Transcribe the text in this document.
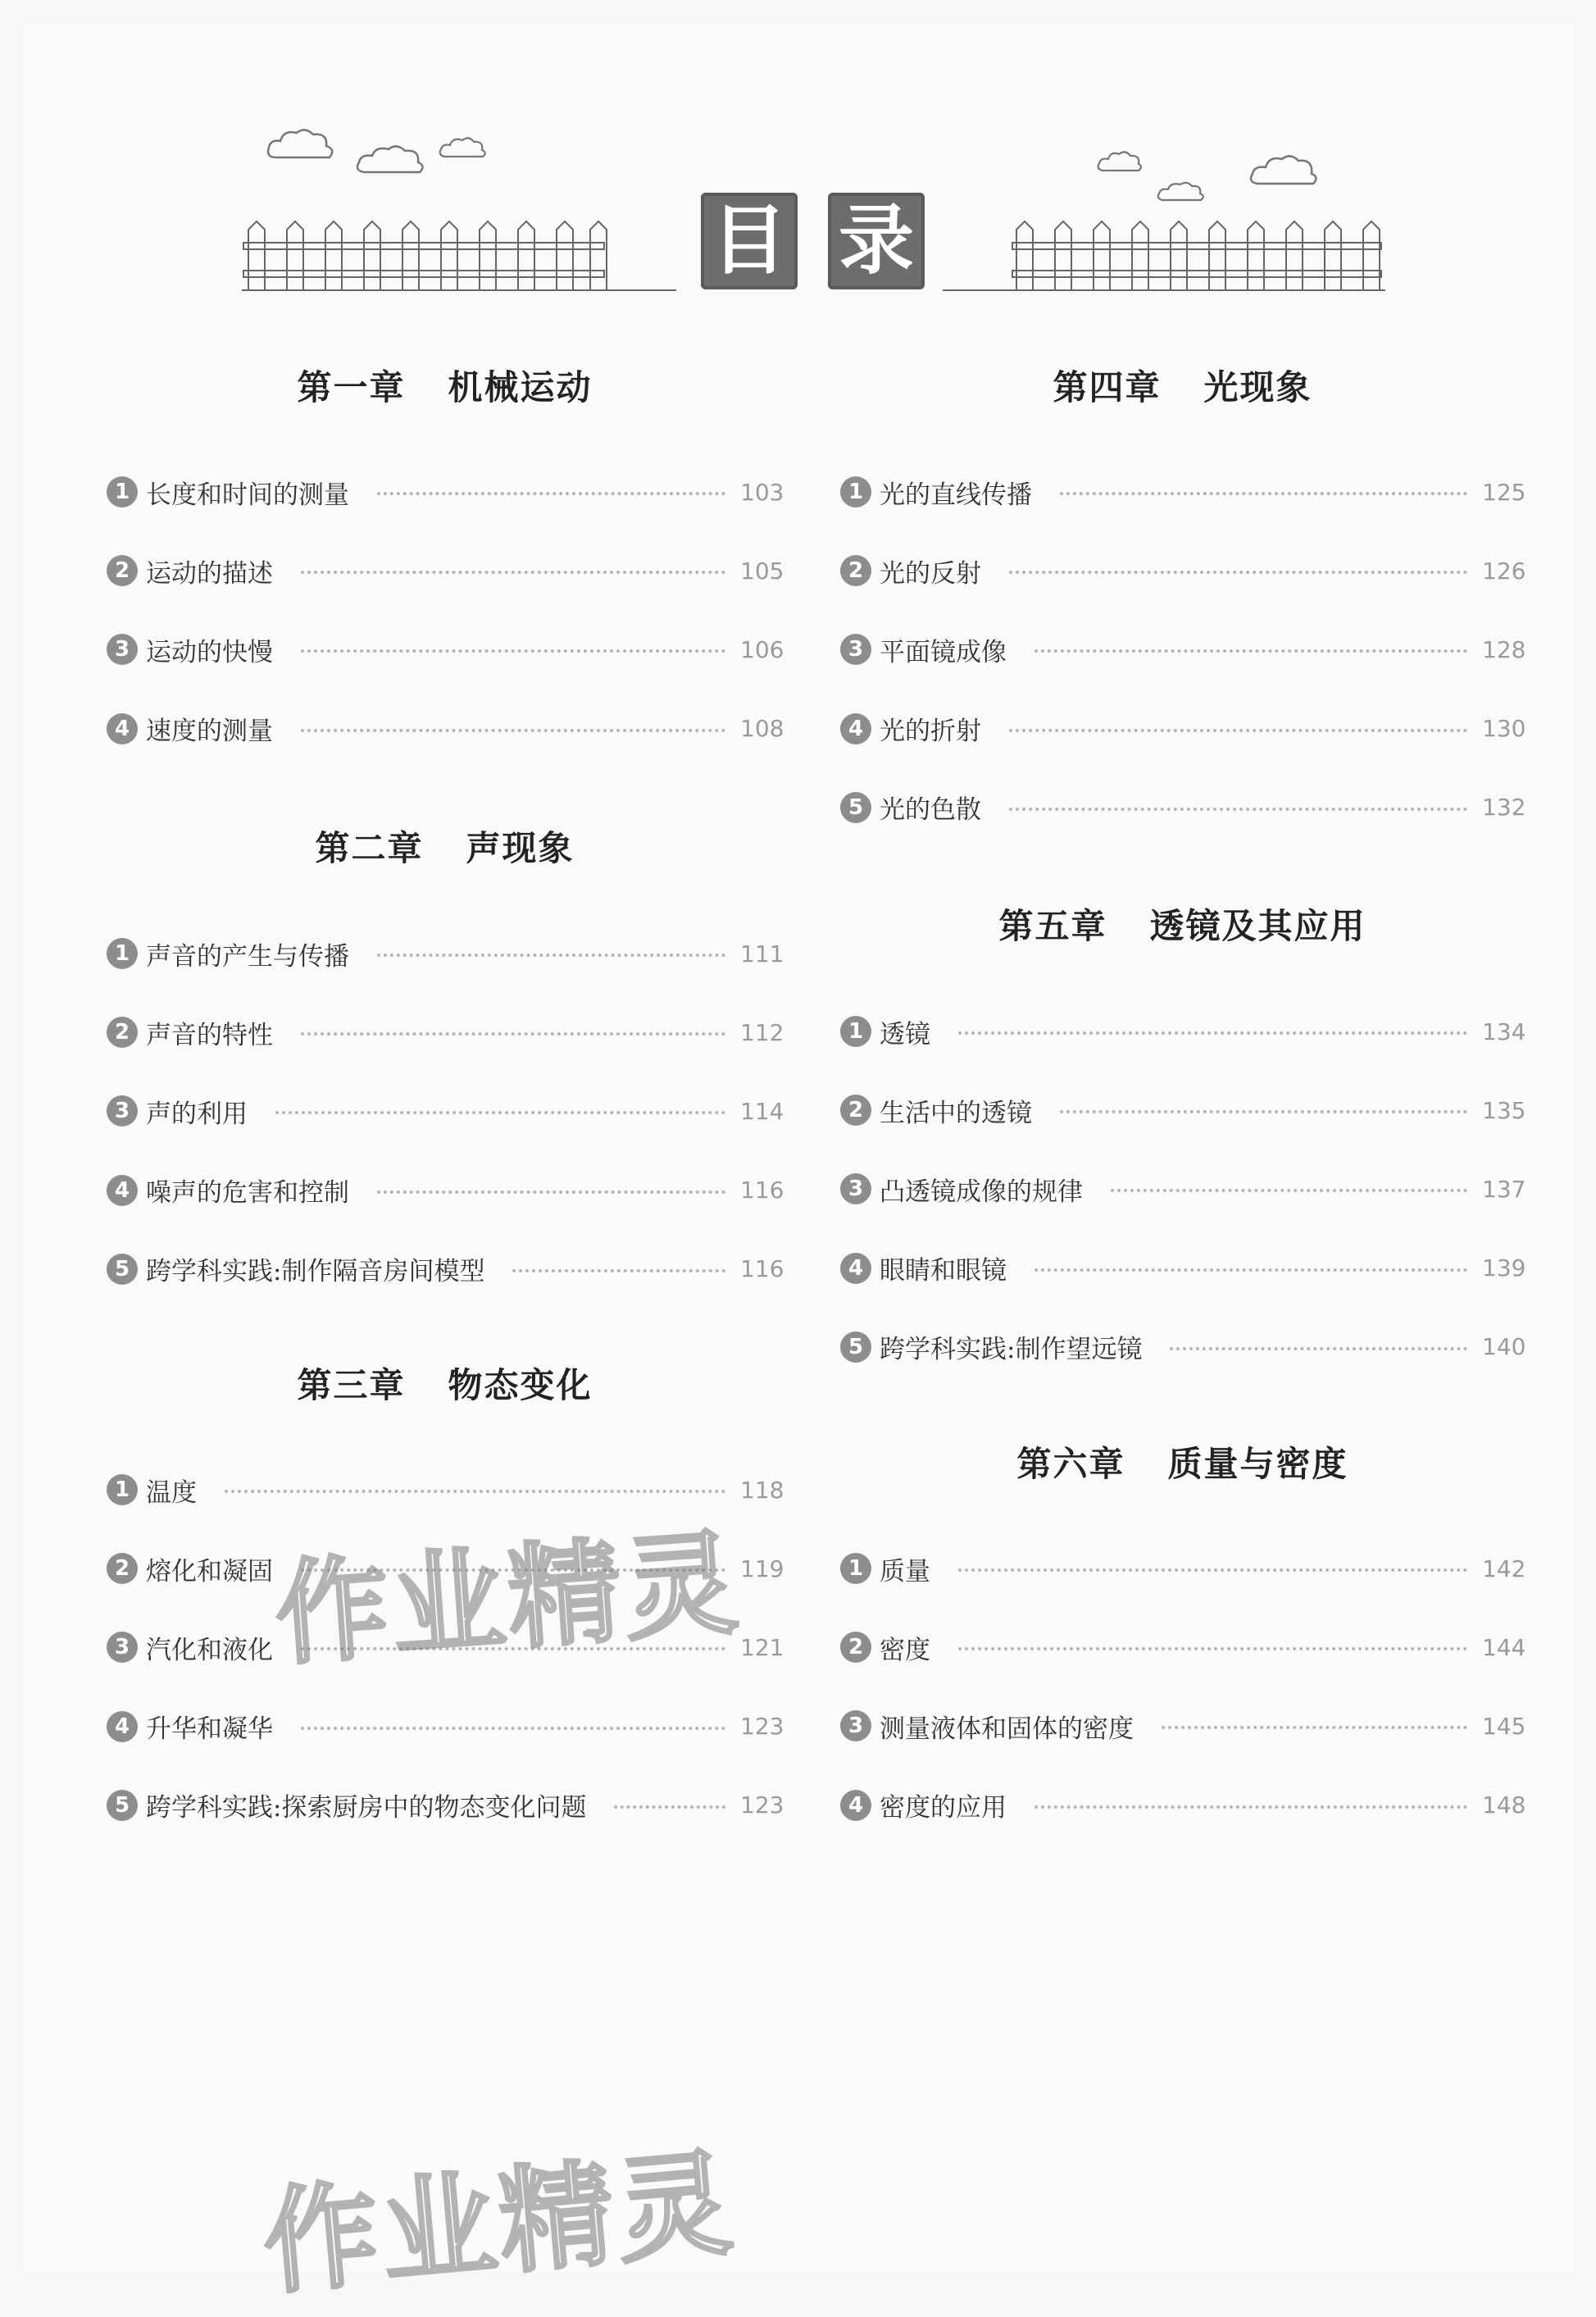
目 录
第一章 机械运动
1 长度和时间的测量	103
2 运动的描述	105
3 运动的快慢	106
4 速度的测量	108
第二章 声现象
1 声音的产生与传播	111
2 声音的特性	112
3 声的利用	114
4 噪声的危害和控制	116
5 跨学科实践:制作隔音房间模型	116
第三章 物态变化
1 温度	118
2 熔化和凝固	119
3 汽化和液化	121
4 升华和凝华	123
5 跨学科实践:探索厨房中的物态变化问题	123
第四章 光现象
1 光的直线传播	125
2 光的反射	126
3 平面镜成像	128
4 光的折射	130
5 光的色散	132
第五章 透镜及其应用
1 透镜	134
2 生活中的透镜	135
3 凸透镜成像的规律	137
4 眼睛和眼镜	139
5 跨学科实践:制作望远镜	140
第六章 质量与密度
1 质量	142
2 密度	144
3 测量液体和固体的密度	145
4 密度的应用	148
作业精灵
作业精灵
